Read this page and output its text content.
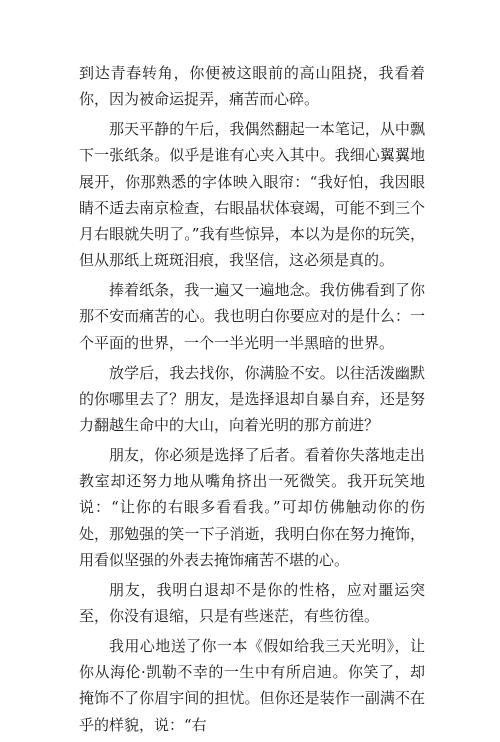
到达青春转角，你便被这眼前的高山阻挠，我看着你，因为被命运捉弄，痛苦而心碎。

那天平静的午后，我偶然翻起一本笔记，从中飘下一张纸条。似乎是谁有心夹入其中。我细心翼翼地展开，你那熟悉的字体映入眼帘：“我好怕，我因眼睛不适去南京检查，右眼晶状体衰竭，可能不到三个月右眼就失明了。”我有些惊异，本以为是你的玩笑，但从那纸上斑斑泪痕，我坚信，这必须是真的。

捧着纸条，我一遍又一遍地念。我仿佛看到了你那不安而痛苦的心。我也明白你要应对的是什么：一个平面的世界，一个一半光明一半黑暗的世界。

放学后，我去找你，你满脸不安。以往活泼幽默的你哪里去了？朋友，是选择退却自暴自弃，还是努力翻越生命中的大山，向着光明的那方前进？

朋友，你必须是选择了后者。看着你失落地走出教室却还努力地从嘴角挤出一死微笑。我开玩笑地说：“让你的右眼多看看我。”可却仿佛触动你的伤处，那勉强的笑一下子消逝，我明白你在努力掩饰，用看似坚强的外表去掩饰痛苦不堪的心。

朋友，我明白退却不是你的性格，应对噩运突至，你没有退缩，只是有些迷茫，有些彷徨。

我用心地送了你一本《假如给我三天光明》，让你从海伦·凯勒不幸的一生中有所启迪。你笑了，却掩饰不了你眉宇间的担忧。但你还是装作一副满不在乎的样貌，说：“右
